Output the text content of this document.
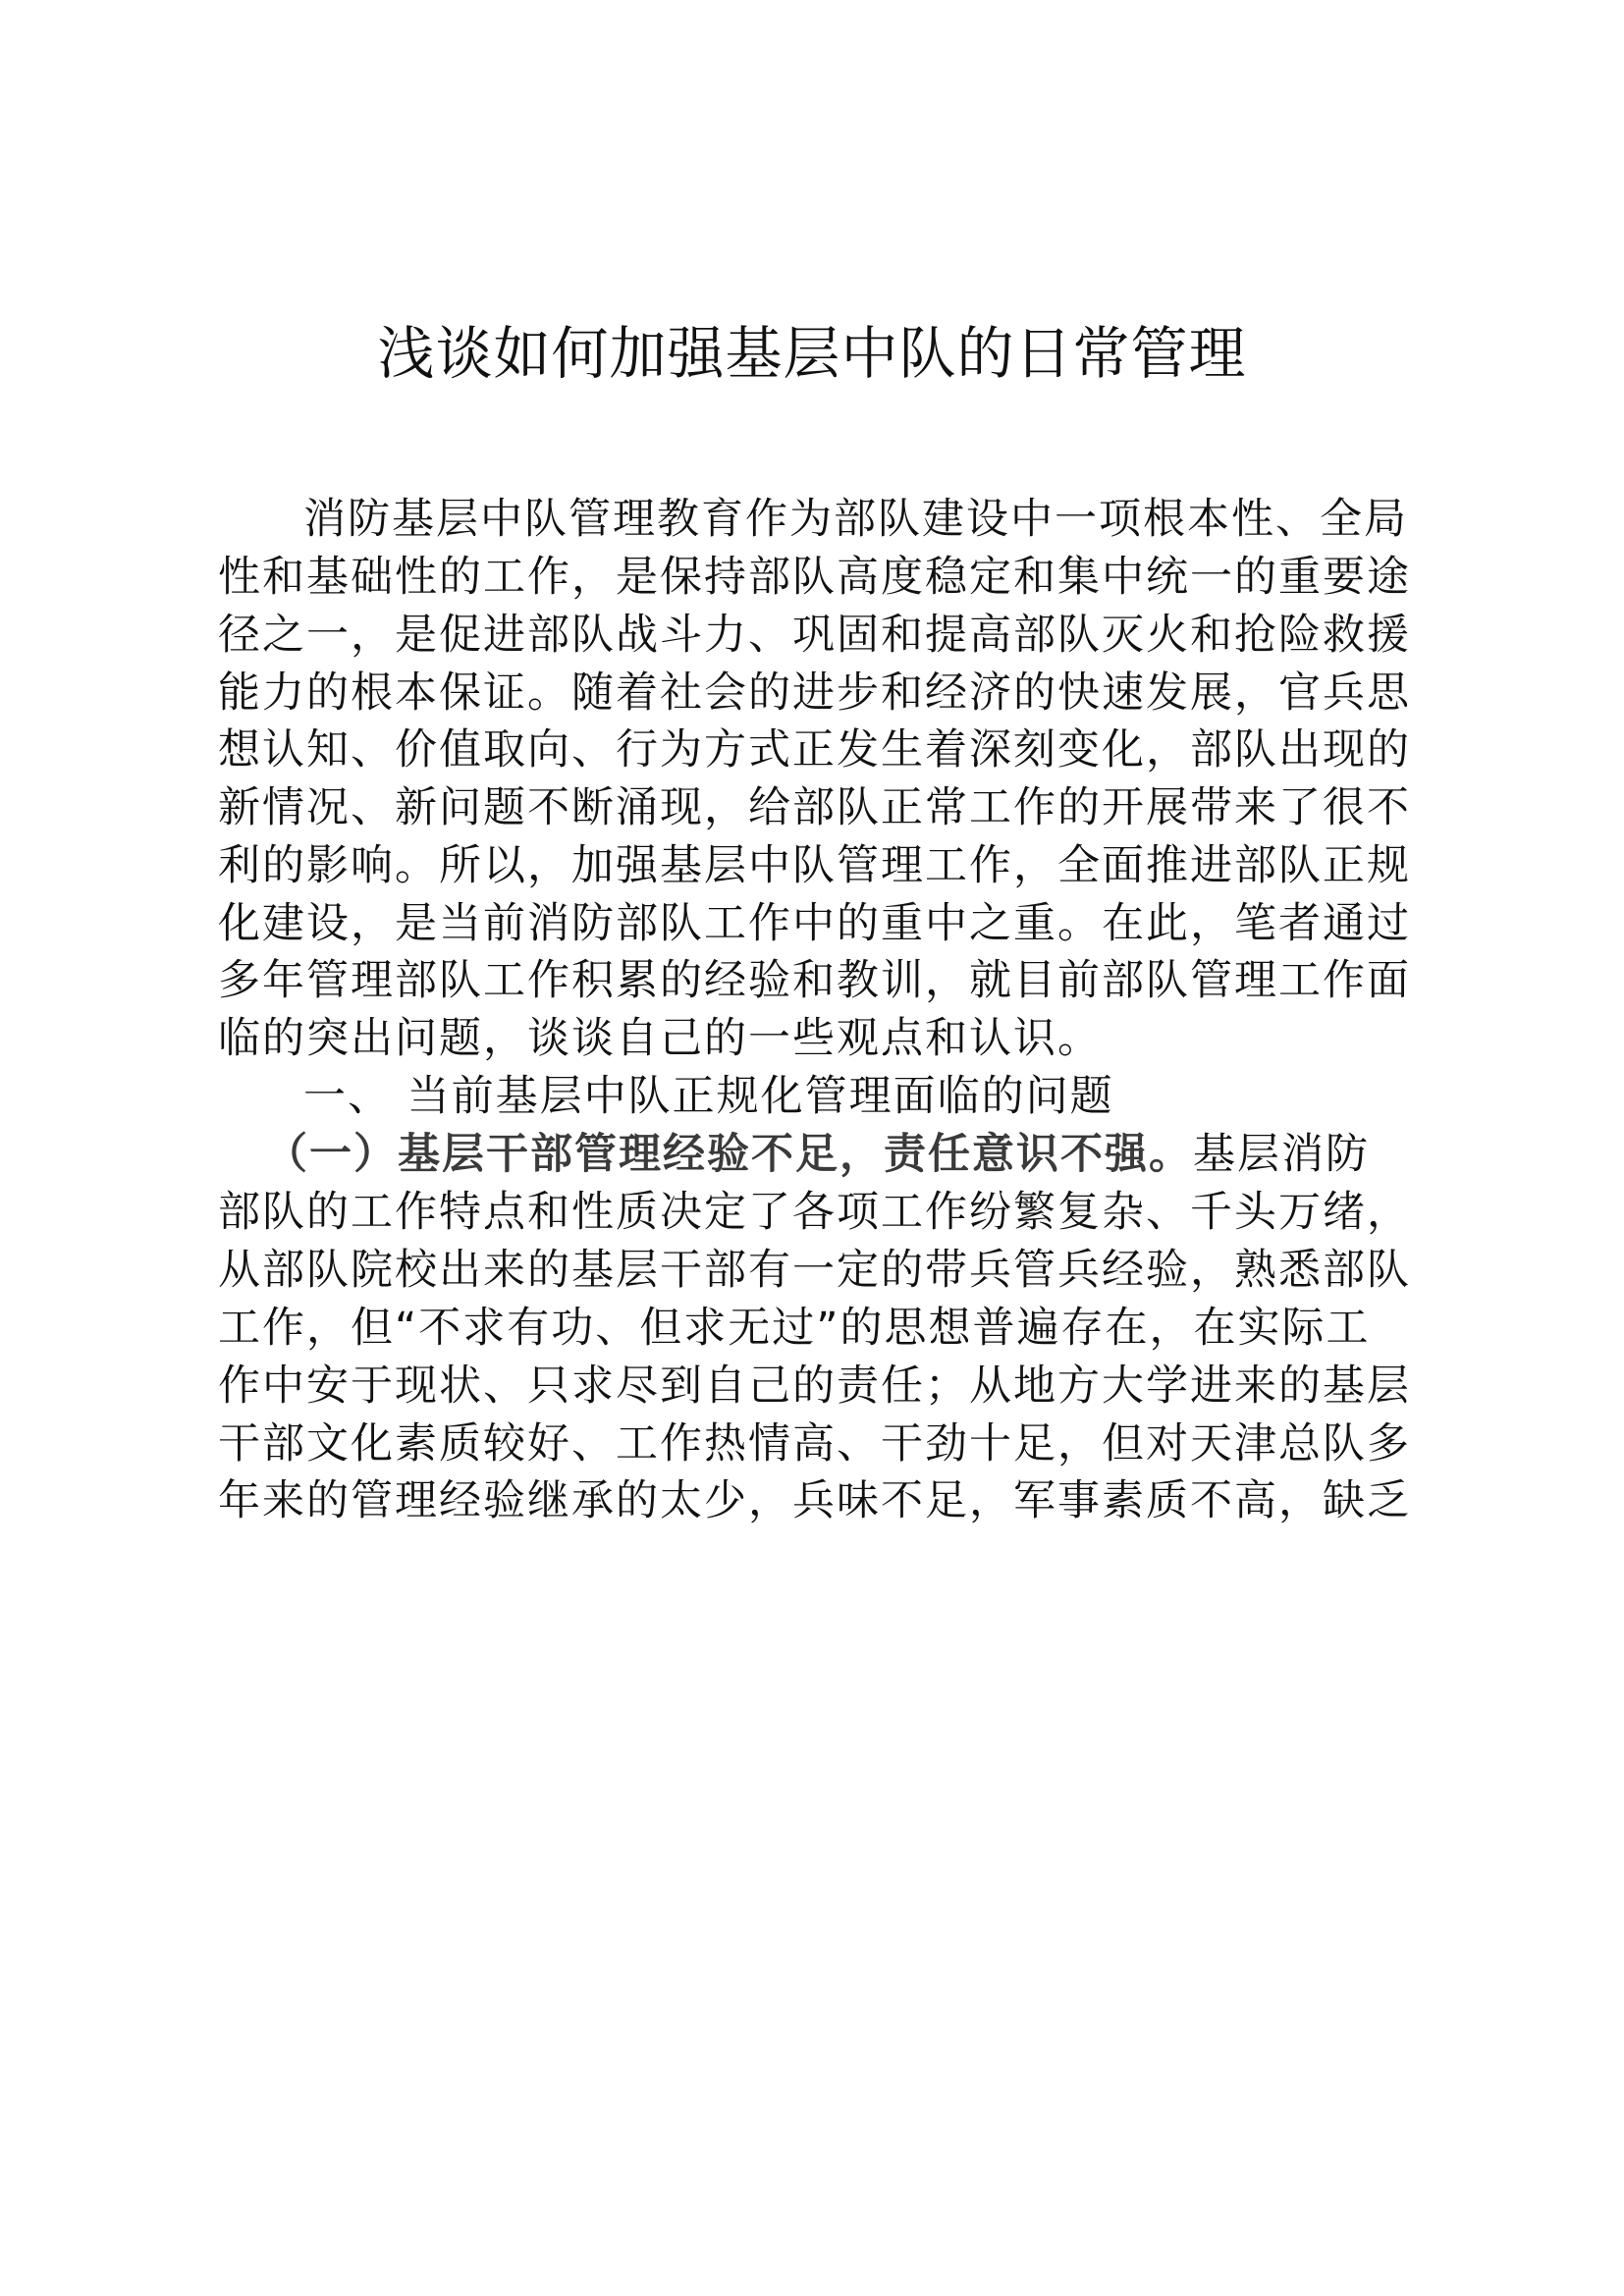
浅谈如何加强基层中队的日常管理
消防基层中队管理教育作为部队建设中一项根本性、全局
性和基础性的工作，是保持部队高度稳定和集中统一的重要途
径之一，是促进部队战斗力、巩固和提高部队灭火和抢险救援
能力的根本保证。随着社会的进步和经济的快速发展，官兵思
想认知、价值取向、行为方式正发生着深刻变化，部队出现的
新情况、新问题不断涌现，给部队正常工作的开展带来了很不
利的影响。所以，加强基层中队管理工作，全面推进部队正规
化建设，是当前消防部队工作中的重中之重。在此，笔者通过
多年管理部队工作积累的经验和教训，就目前部队管理工作面
临的突出问题，谈谈自己的一些观点和认识。
一、 当前基层中队正规化管理面临的问题
（一）基层干部管理经验不足，责任意识不强。基层消防
部队的工作特点和性质决定了各项工作纷繁复杂、千头万绪，
从部队院校出来的基层干部有一定的带兵管兵经验，熟悉部队
工作，但“不求有功、但求无过”的思想普遍存在，在实际工
作中安于现状、只求尽到自己的责任；从地方大学进来的基层
干部文化素质较好、工作热情高、干劲十足，但对天津总队多
年来的管理经验继承的太少，兵味不足，军事素质不高，缺乏
